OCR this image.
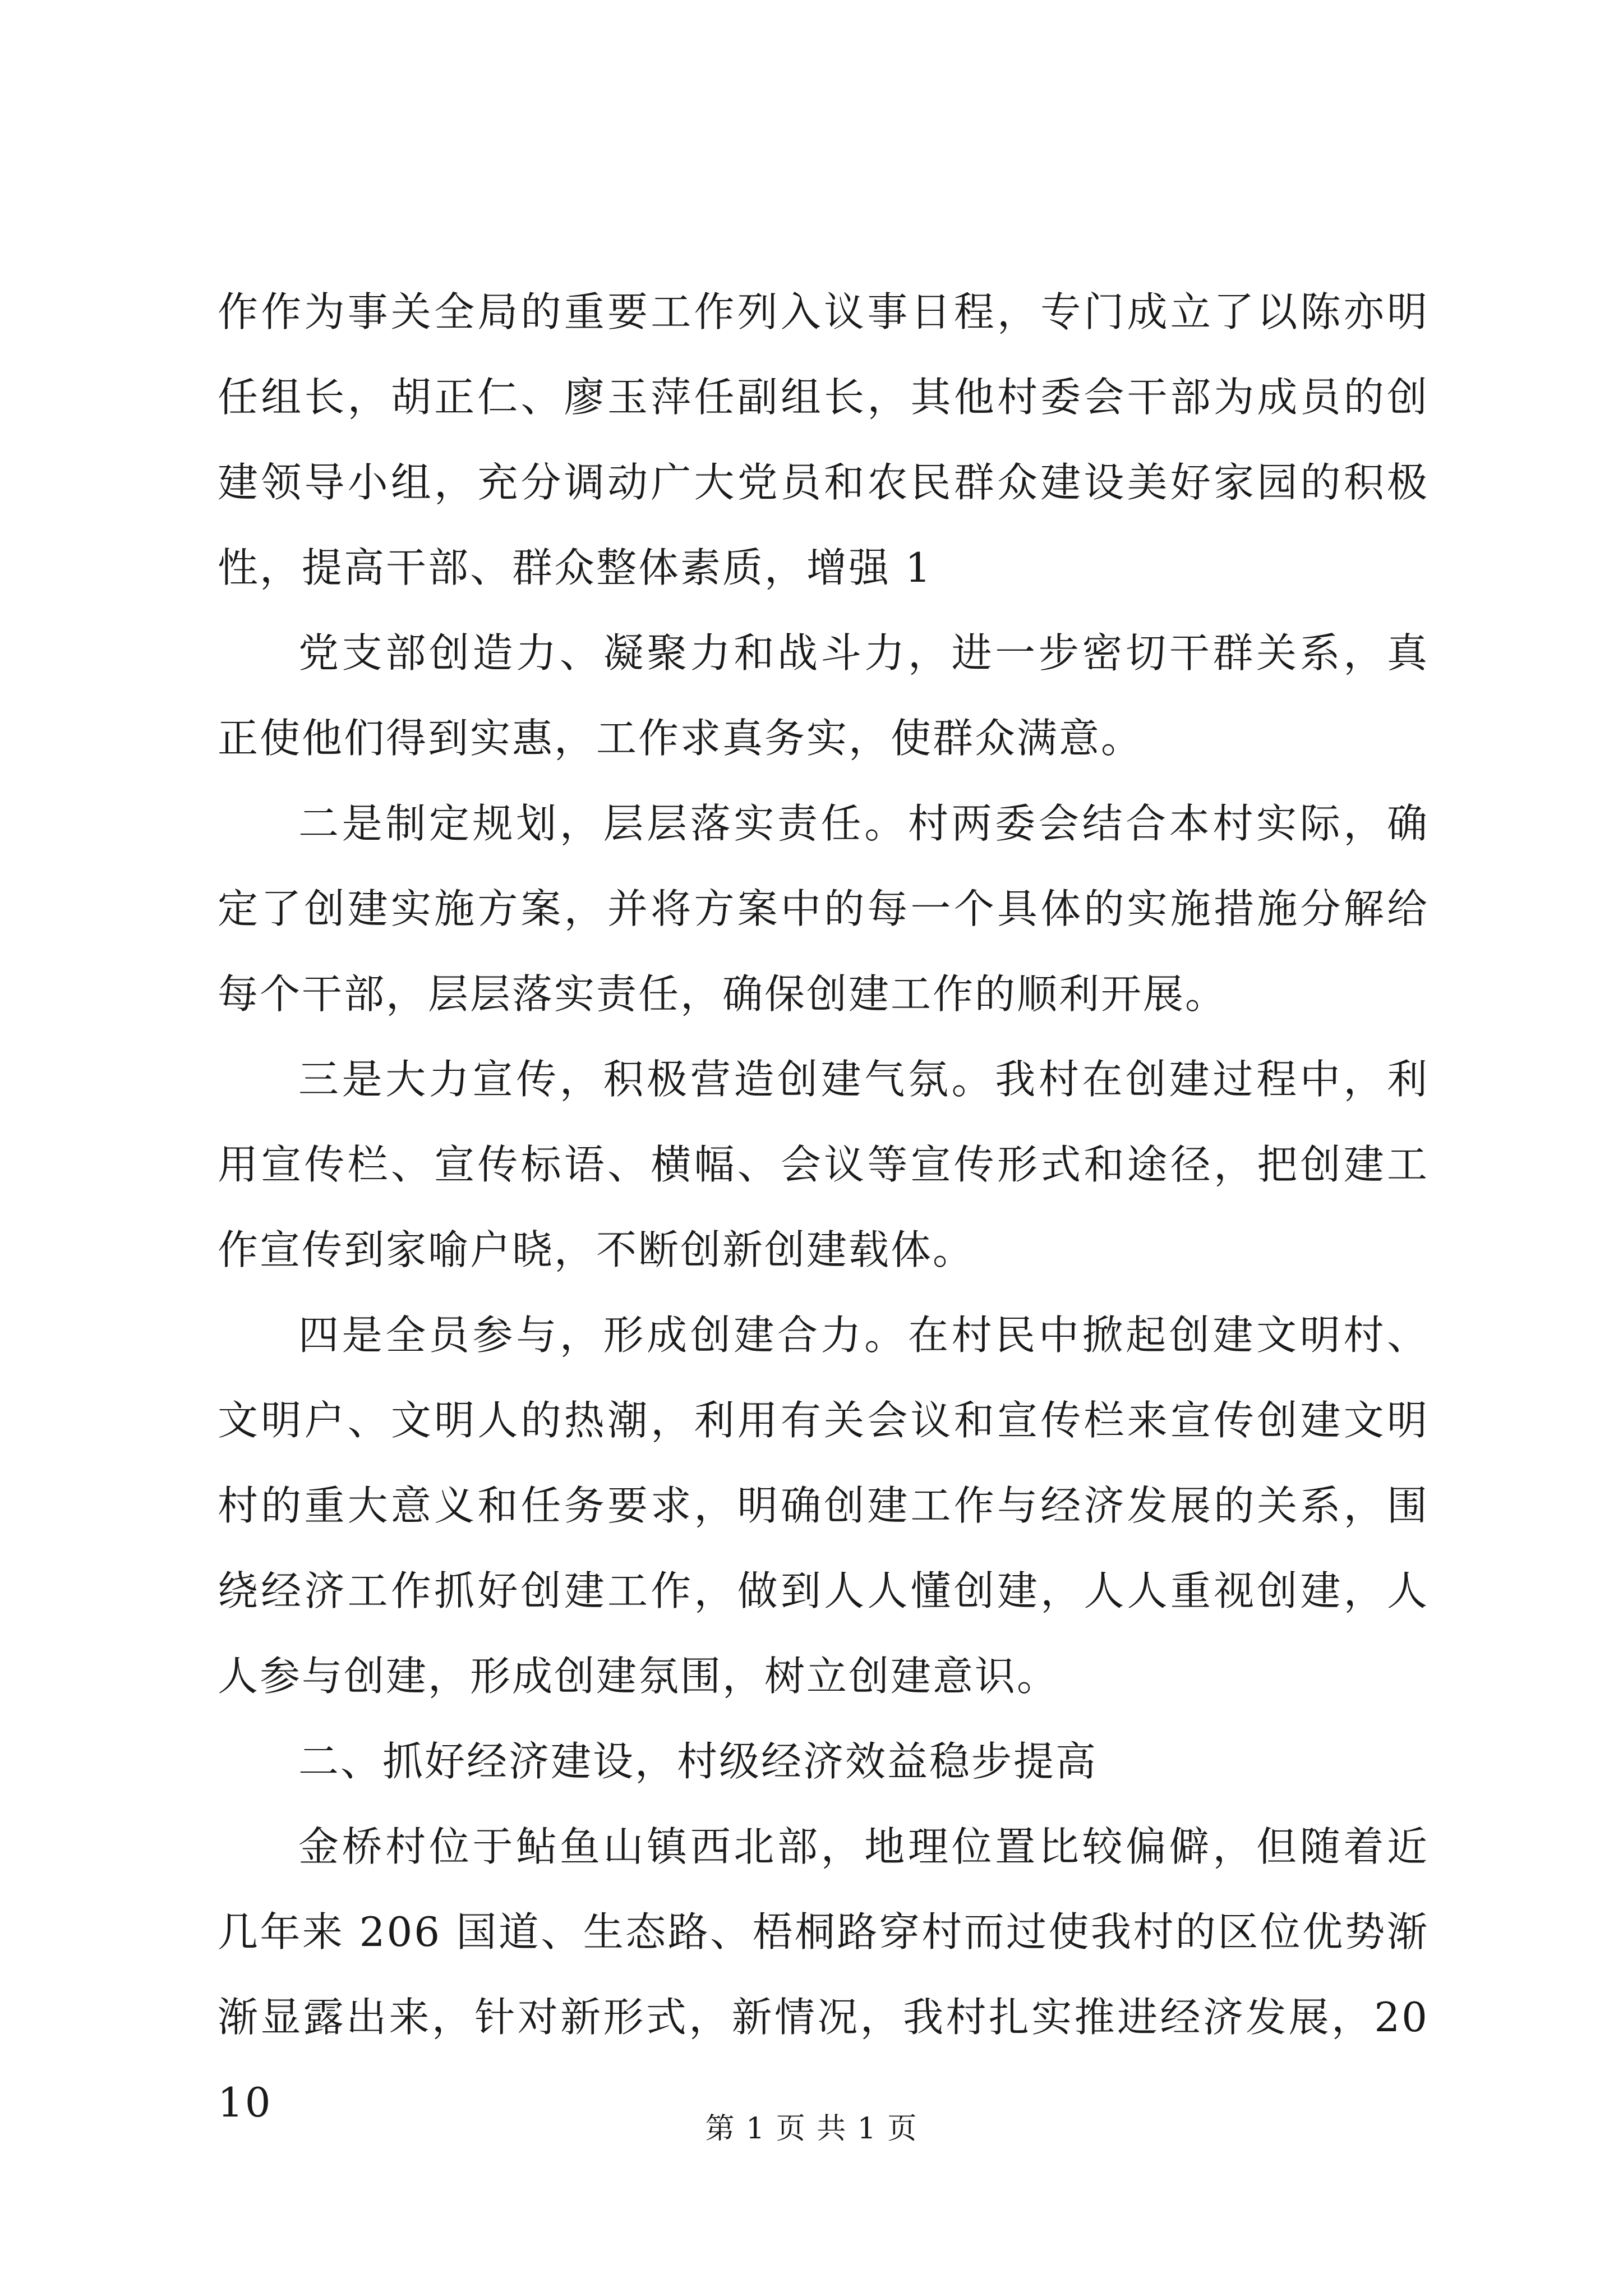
作作为事关全局的重要工作列入议事日程，专门成立了以陈亦明任组长，胡正仁、廖玉萍任副组长，其他村委会干部为成员的创建领导小组，充分调动广大党员和农民群众建设美好家园的积极性，提高干部、群众整体素质，增强 1

党支部创造力、凝聚力和战斗力，进一步密切干群关系，真正使他们得到实惠，工作求真务实，使群众满意。

二是制定规划，层层落实责任。村两委会结合本村实际，确定了创建实施方案，并将方案中的每一个具体的实施措施分解给每个干部，层层落实责任，确保创建工作的顺利开展。

三是大力宣传，积极营造创建气氛。我村在创建过程中，利用宣传栏、宣传标语、横幅、会议等宣传形式和途径，把创建工作宣传到家喻户晓，不断创新创建载体。

四是全员参与，形成创建合力。在村民中掀起创建文明村、文明户、文明人的热潮，利用有关会议和宣传栏来宣传创建文明村的重大意义和任务要求，明确创建工作与经济发展的关系，围绕经济工作抓好创建工作，做到人人懂创建，人人重视创建，人人参与创建，形成创建氛围，树立创建意识。

二、抓好经济建设，村级经济效益稳步提高

金桥村位于鲇鱼山镇西北部，地理位置比较偏僻，但随着近几年来 206 国道、生态路、梧桐路穿村而过使我村的区位优势渐渐显露出来，针对新形式，新情况，我村扎实推进经济发展，2010

第 1 页 共 1 页
